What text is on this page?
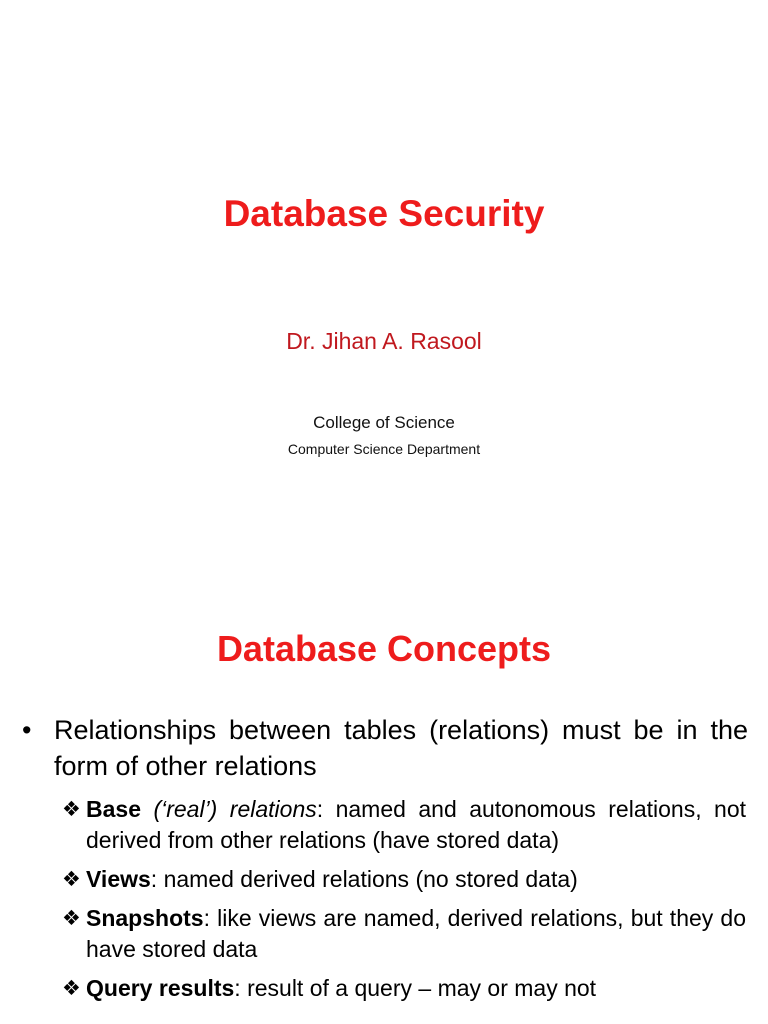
Database Security
Dr. Jihan A. Rasool
College of Science
Computer Science Department
Database Concepts
• Relationships between tables (relations) must be in the form of other relations
❖ Base (‘real’) relations: named and autonomous relations, not derived from other relations (have stored data)
❖ Views: named derived relations (no stored data)
❖ Snapshots: like views are named, derived relations, but they do have stored data
❖ Query results: result of a query – may or may not
